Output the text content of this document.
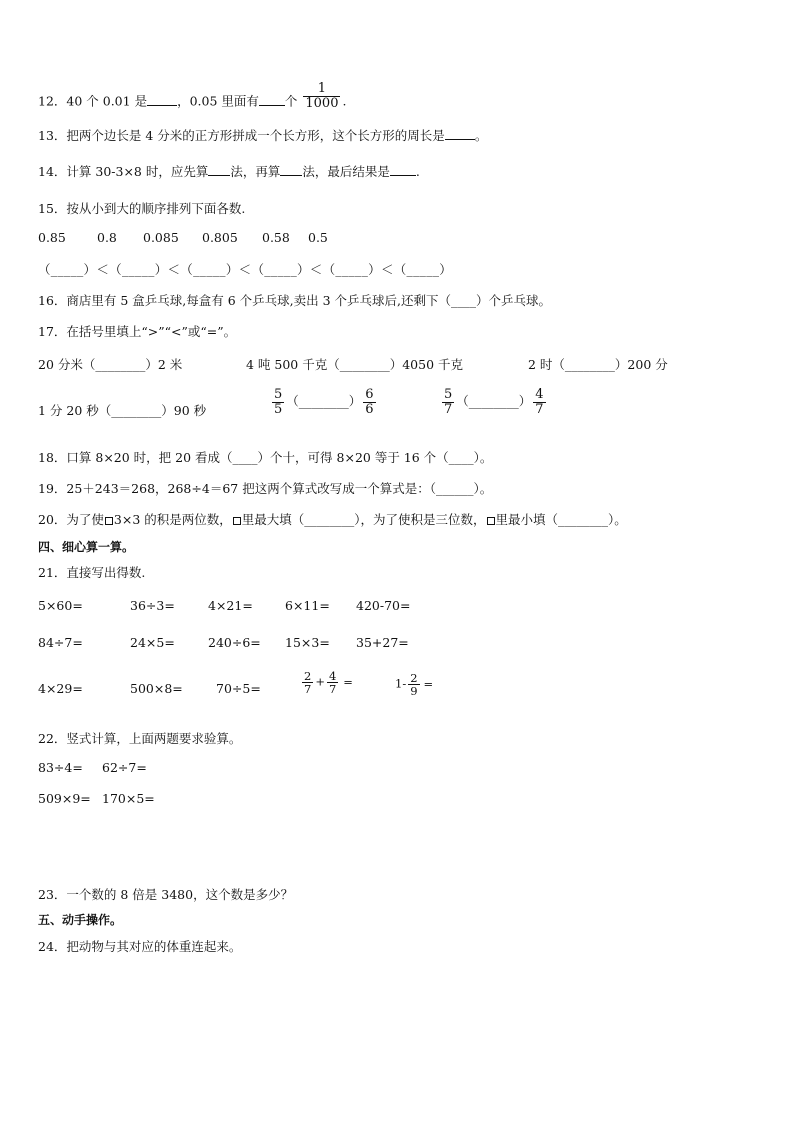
12．40 个 0.01 是 ，0.05 里面有 个 $\frac{1}{1000}$ .
13．把两个边长是 4 分米的正方形拼成一个长方形，这个长方形的周长是 。
14．计算 30-3×8 时，应先算 法，再算 法，最后结果是 .
15．按从小到大的顺序排列下面各数.
0.85 0.8 0.085 0.805 0.58 0.5
（_____）＜（_____）＜（_____）＜（_____）＜（_____）＜（_____）
16．商店里有 5 盒乒乓球,每盒有 6 个乒乓球,卖出 3 个乒乓球后,还剩下（____）个乒乓球。
17．在括号里填上“>”“<”或“=”。
20 分米（________）2 米	4 吨 500 千克（________）4050 千克	2 时（________）200 分
1 分 20 秒（________）90 秒	$\frac{5}{5}$ （________） $\frac{6}{6}$	$\frac{5}{7}$ （________） $\frac{4}{7}$
18．口算 8×20 时，把 20 看成（____）个十，可得 8×20 等于 16 个（____）。
19．25＋243＝268，268÷4＝67 把这两个算式改写成一个算式是：（______）。
20．为了使 3×3 的积是两位数， 里最大填（________），为了使积是三位数， 里最小填（________）。
四、细心算一算。
21．直接写出得数.
5×60=	36÷3=	4×21=	6×11= 420-70=
84÷7=	24×5=	240÷6= 15×3= 35+27=
4×29=	500×8=	70÷5=	$\frac{2}{7} + \frac{4}{7}$ =	$1- \frac{2}{9}$ =
22．竖式计算，上面两题要求验算。
83÷4= 62÷7=
509×9= 170×5=
23．一个数的 8 倍是 3480，这个数是多少？
五、动手操作。
24．把动物与其对应的体重连起来。
